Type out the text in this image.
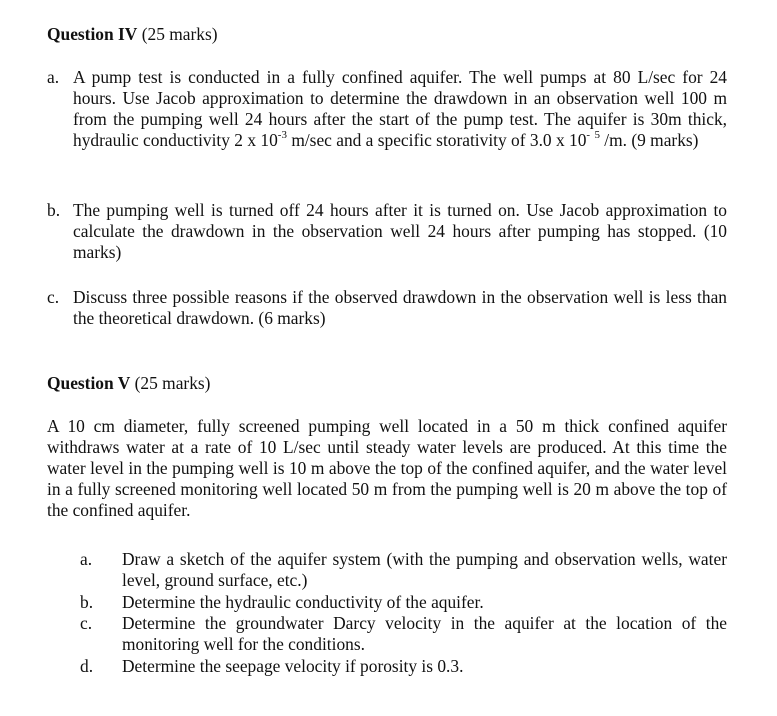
Question IV (25 marks)
a. A pump test is conducted in a fully confined aquifer. The well pumps at 80 L/sec for 24 hours. Use Jacob approximation to determine the drawdown in an observation well 100 m from the pumping well 24 hours after the start of the pump test. The aquifer is 30m thick, hydraulic conductivity 2 x $10^{-3}$ m/sec and a specific storativity of 3.0 x 10- $^5$ /m. (9 marks)
b. The pumping well is turned off 24 hours after it is turned on. Use Jacob approximation to calculate the drawdown in the observation well 24 hours after pumping has stopped. (10 marks)
c. Discuss three possible reasons if the observed drawdown in the observation well is less than the theoretical drawdown. (6 marks)
Question V (25 marks)
A 10 cm diameter, fully screened pumping well located in a 50 m thick confined aquifer withdraws water at a rate of 10 L/sec until steady water levels are produced. At this time the water level in the pumping well is 10 m above the top of the confined aquifer, and the water level in a fully screened monitoring well located 50 m from the pumping well is 20 m above the top of the confined aquifer.
a. Draw a sketch of the aquifer system (with the pumping and observation wells, water level, ground surface, etc.)
b. Determine the hydraulic conductivity of the aquifer.
c. Determine the groundwater Darcy velocity in the aquifer at the location of the monitoring well for the conditions.
d. Determine the seepage velocity if porosity is 0.3.
